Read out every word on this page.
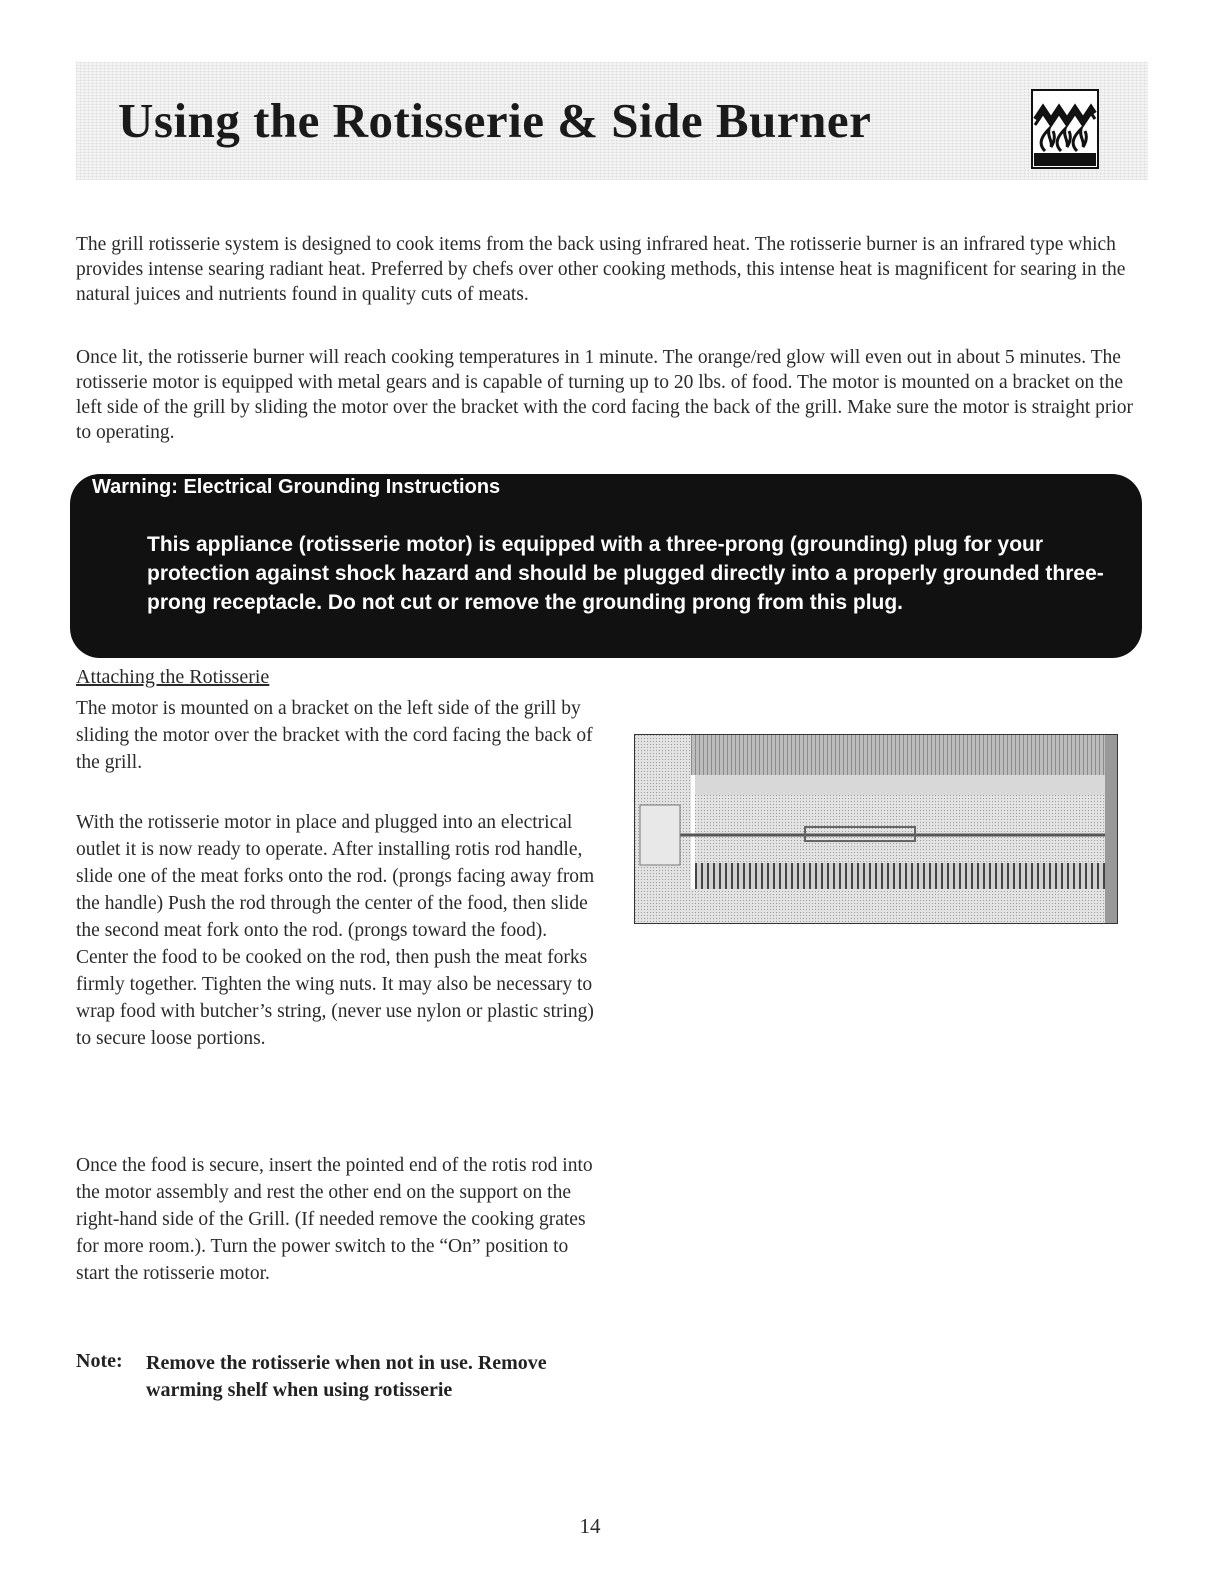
Using the Rotisserie & Side Burner

The grill rotisserie system is designed to cook items from the back using infrared heat. The rotisserie burner is an infrared type which provides intense searing radiant heat. Preferred by chefs over other cooking methods, this intense heat is magnificent for searing in the natural juices and nutrients found in quality cuts of meats.

Once lit, the rotisserie burner will reach cooking temperatures in 1 minute. The orange/red glow will even out in about 5 minutes. The rotisserie motor is equipped with metal gears and is capable of turning up to 20 lbs. of food. The motor is mounted on a bracket on the left side of the grill by sliding the motor over the bracket with the cord facing the back of the grill. Make sure the motor is straight prior to operating.

Warning: Electrical Grounding Instructions

This appliance (rotisserie motor) is equipped with a three-prong (grounding) plug for your protection against shock hazard and should be plugged directly into a properly grounded three-prong receptacle. Do not cut or remove the grounding prong from this plug.

Attaching the Rotisserie

The motor is mounted on a bracket on the left side of the grill by sliding the motor over the bracket with the cord facing the back of the grill.

With the rotisserie motor in place and plugged into an electrical outlet it is now ready to operate. After installing rotis rod handle, slide one of the meat forks onto the rod. (prongs facing away from the handle) Push the rod through the center of the food, then slide the second meat fork onto the rod. (prongs toward the food). Center the food to be cooked on the rod, then push the meat forks firmly together. Tighten the wing nuts. It may also be necessary to wrap food with butcher’s string, (never use nylon or plastic string) to secure loose portions.

Once the food is secure, insert the pointed end of the rotis rod into the motor assembly and rest the other end on the support on the right-hand side of the Grill. (If needed remove the cooking grates for more room.). Turn the power switch to the “On” position to start the rotisserie motor.

Note: Remove the rotisserie when not in use. Remove warming shelf when using rotisserie

14
